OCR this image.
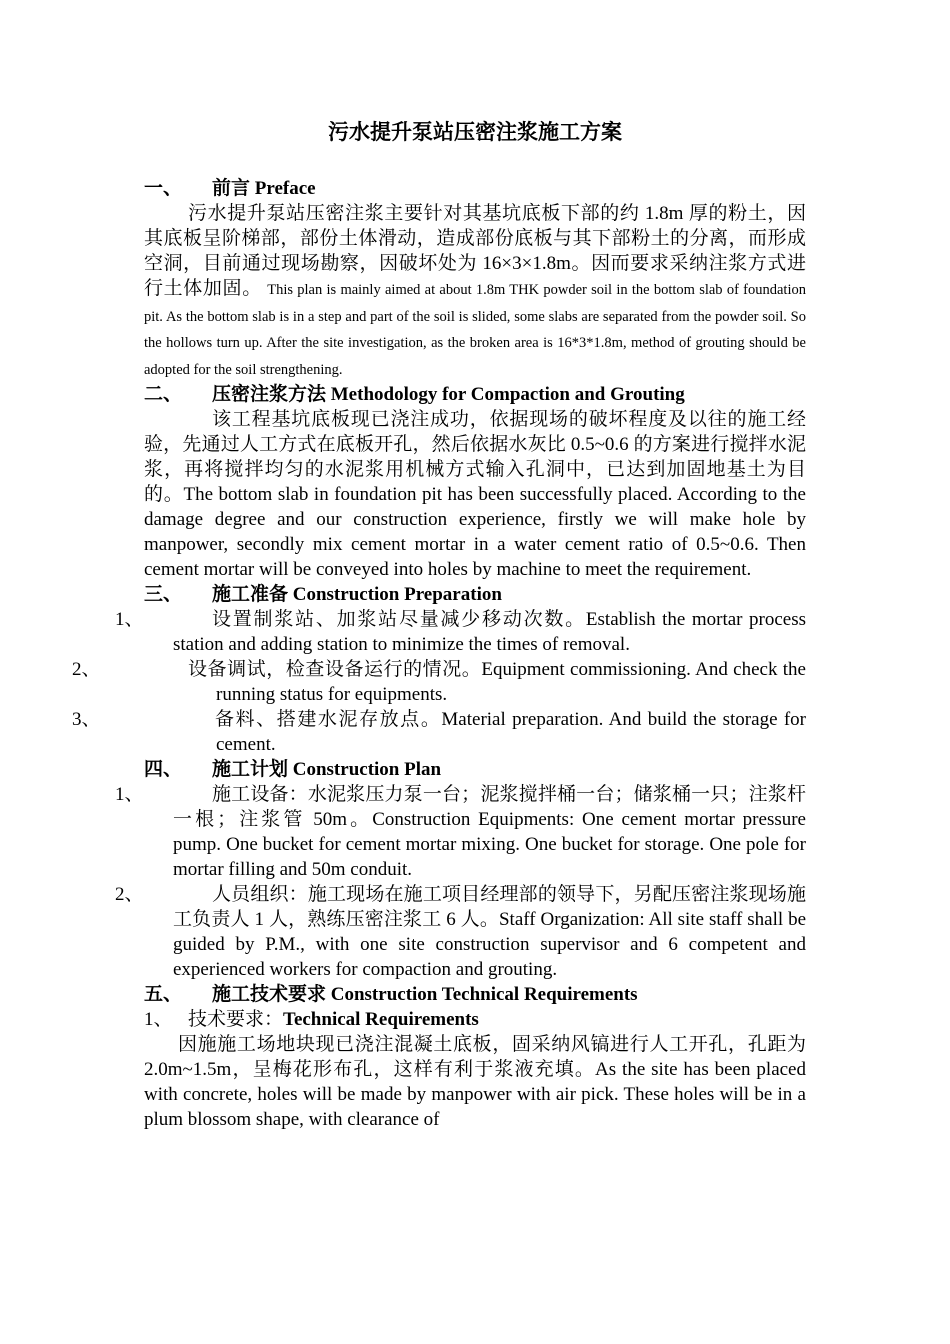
污水提升泵站压密注浆施工方案
一、 前言 Preface

污水提升泵站压密注浆主要针对其基坑底板下部的约 1.8m 厚的粉土，因其底板呈阶梯部，部份土体滑动，造成部份底板与其下部粉土的分离，而形成空洞，目前通过现场勘察，因破坏处为 16×3×1.8m。因而要求采纳注浆方式进行土体加固。 This plan is mainly aimed at about 1.8m THK powder soil in the bottom slab of foundation pit. As the bottom slab is in a step and part of the soil is slided, some slabs are separated from the powder soil. So the hollows turn up. After the site investigation, as the broken area is 16*3*1.8m, method of grouting should be adopted for the soil strengthening.

二、 压密注浆方法 Methodology for Compaction and Grouting

该工程基坑底板现已浇注成功，依据现场的破坏程度及以往的施工经验，先通过人工方式在底板开孔，然后依据水灰比 0.5~0.6 的方案进行搅拌水泥浆，再将搅拌均匀的水泥浆用机械方式输入孔洞中，已达到加固地基土为目的。The bottom slab in foundation pit has been successfully placed. According to the damage degree and our construction experience, firstly we will make hole by manpower, secondly mix cement mortar in a water cement ratio of 0.5~0.6. Then cement mortar will be conveyed into holes by machine to meet the requirement.

三、 施工准备 Construction Preparation
1、	设置制浆站、加浆站尽量减少移动次数。Establish the mortar process station and adding station to minimize the times of removal.
2、	设备调试，检查设备运行的情况。Equipment commissioning. And check the running status for equipments.
3、	备料、搭建水泥存放点。Material preparation. And build the storage for cement.
四、 施工计划 Construction Plan
1、	施工设备：水泥浆压力泵一台；泥浆搅拌桶一台；储浆桶一只；注浆杆一根；注浆管 50m。Construction Equipments: One cement mortar pressure pump. One bucket for cement mortar mixing. One bucket for storage. One pole for mortar filling and 50m conduit.
2、	人员组织：施工现场在施工项目经理部的领导下，另配压密注浆现场施工负责人 1 人，熟练压密注浆工 6 人。Staff Organization: All site staff shall be guided by P.M., with one site construction supervisor and 6 competent and experienced workers for compaction and grouting.
五、 施工技术要求 Construction Technical Requirements
1、 技术要求：Technical Requirements

因施施工场地块现已浇注混凝土底板，固采纳风镐进行人工开孔，孔距为 2.0m~1.5m，呈梅花形布孔，这样有利于浆液充填。As the site has been placed with concrete, holes will be made by manpower with air pick. These holes will be in a plum blossom shape, with clearance of
